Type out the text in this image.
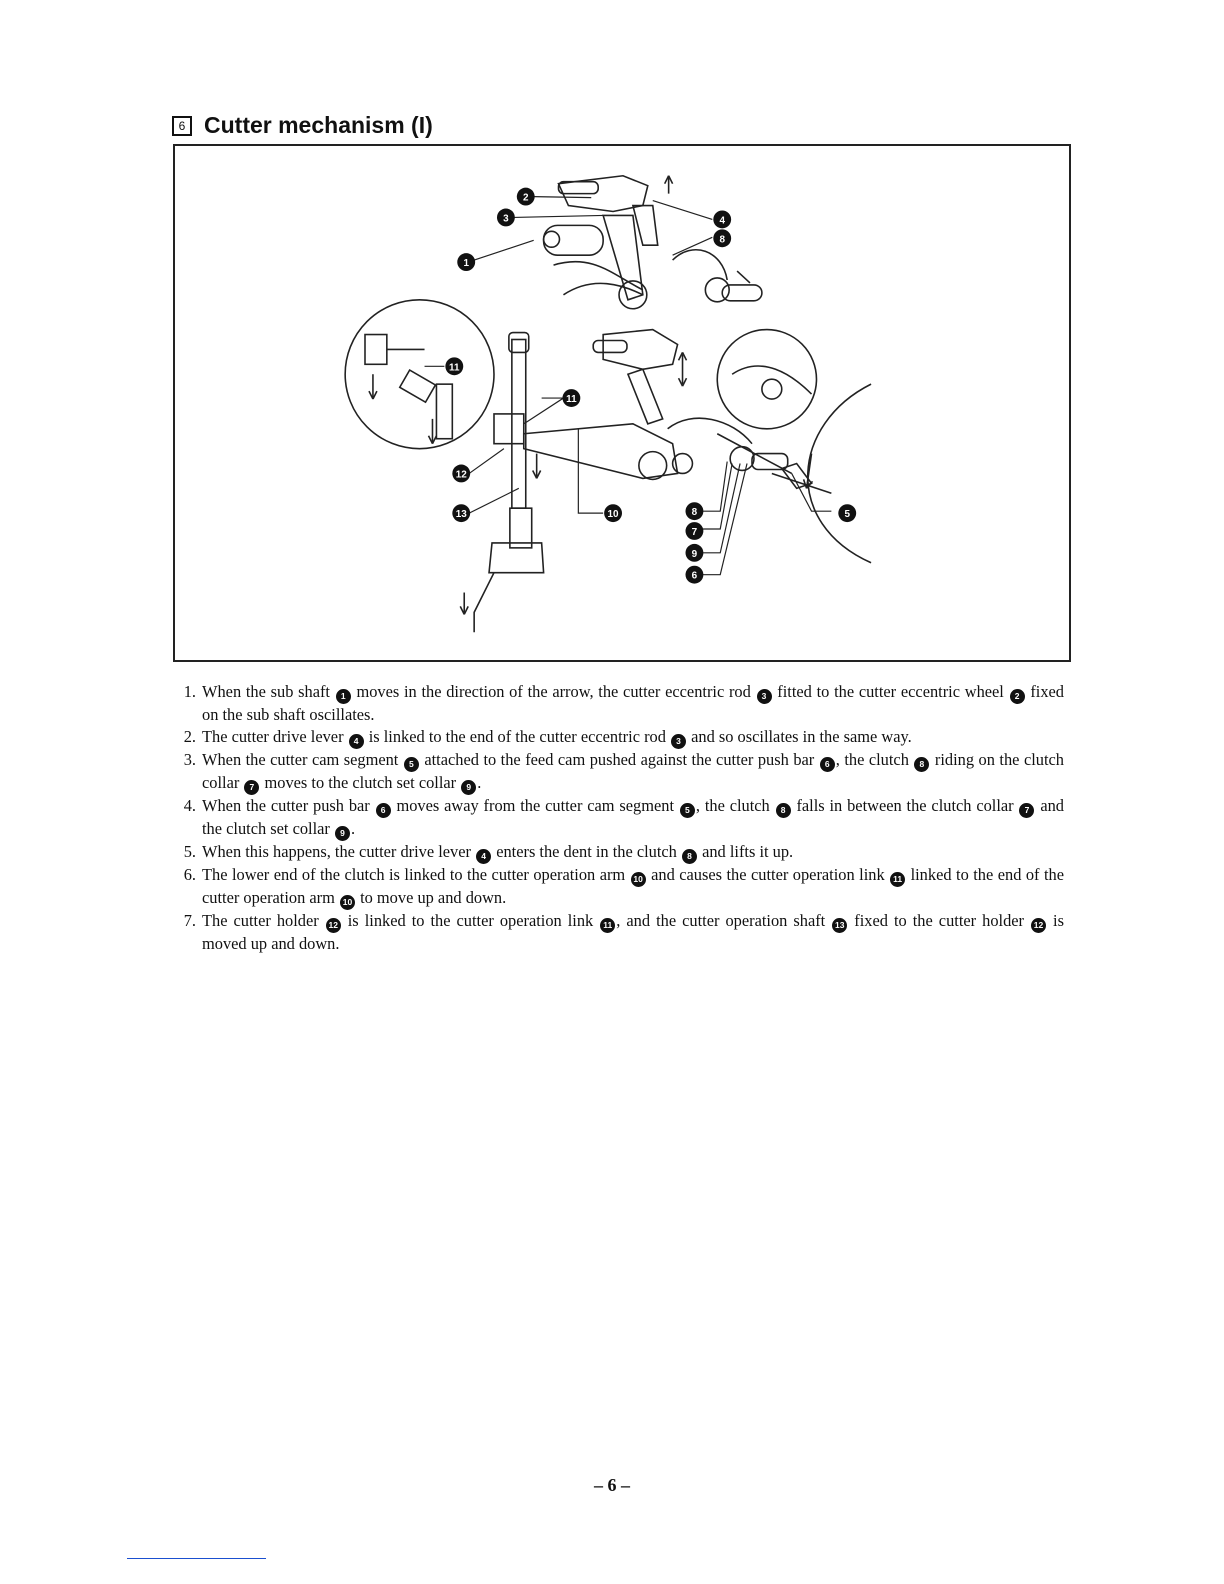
6 Cutter mechanism (I)
2
3
1
4
8
11
11
12
13	10	8
7
9
6
5
1 . When the sub shaft 1 moves in the direction of the arrow, the cutter eccentric rod 3 fitted to the cutter eccentric wheel 2 fixed on the sub shaft oscillates.
2 . The cutter drive lever 4 is linked to the end of the cutter eccentric rod 3 and so oscillates in the same way.
3 . When the cutter cam segment 5 attached to the feed cam pushed against the cutter push bar 6 , the clutch 8 riding on the clutch collar 7 moves to the clutch set collar 9 .
4 . When the cutter push bar 6 moves away from the cutter cam segment 5 , the clutch 8 falls in between the clutch collar 7 and the clutch set collar 9 .
5 . When this happens, the cutter drive lever 4 enters the dent in the clutch 8 and lifts it up.
6 . The lower end of the clutch is linked to the cutter operation arm 10 and causes the cutter operation link 11 linked to the end of the cutter operation arm 10 to move up and down.
7 . The cutter holder 12 is linked to the cutter operation link 11 , and the cutter operation shaft 13 fixed to the cutter holder 12 is moved up and down.
– 6 –
